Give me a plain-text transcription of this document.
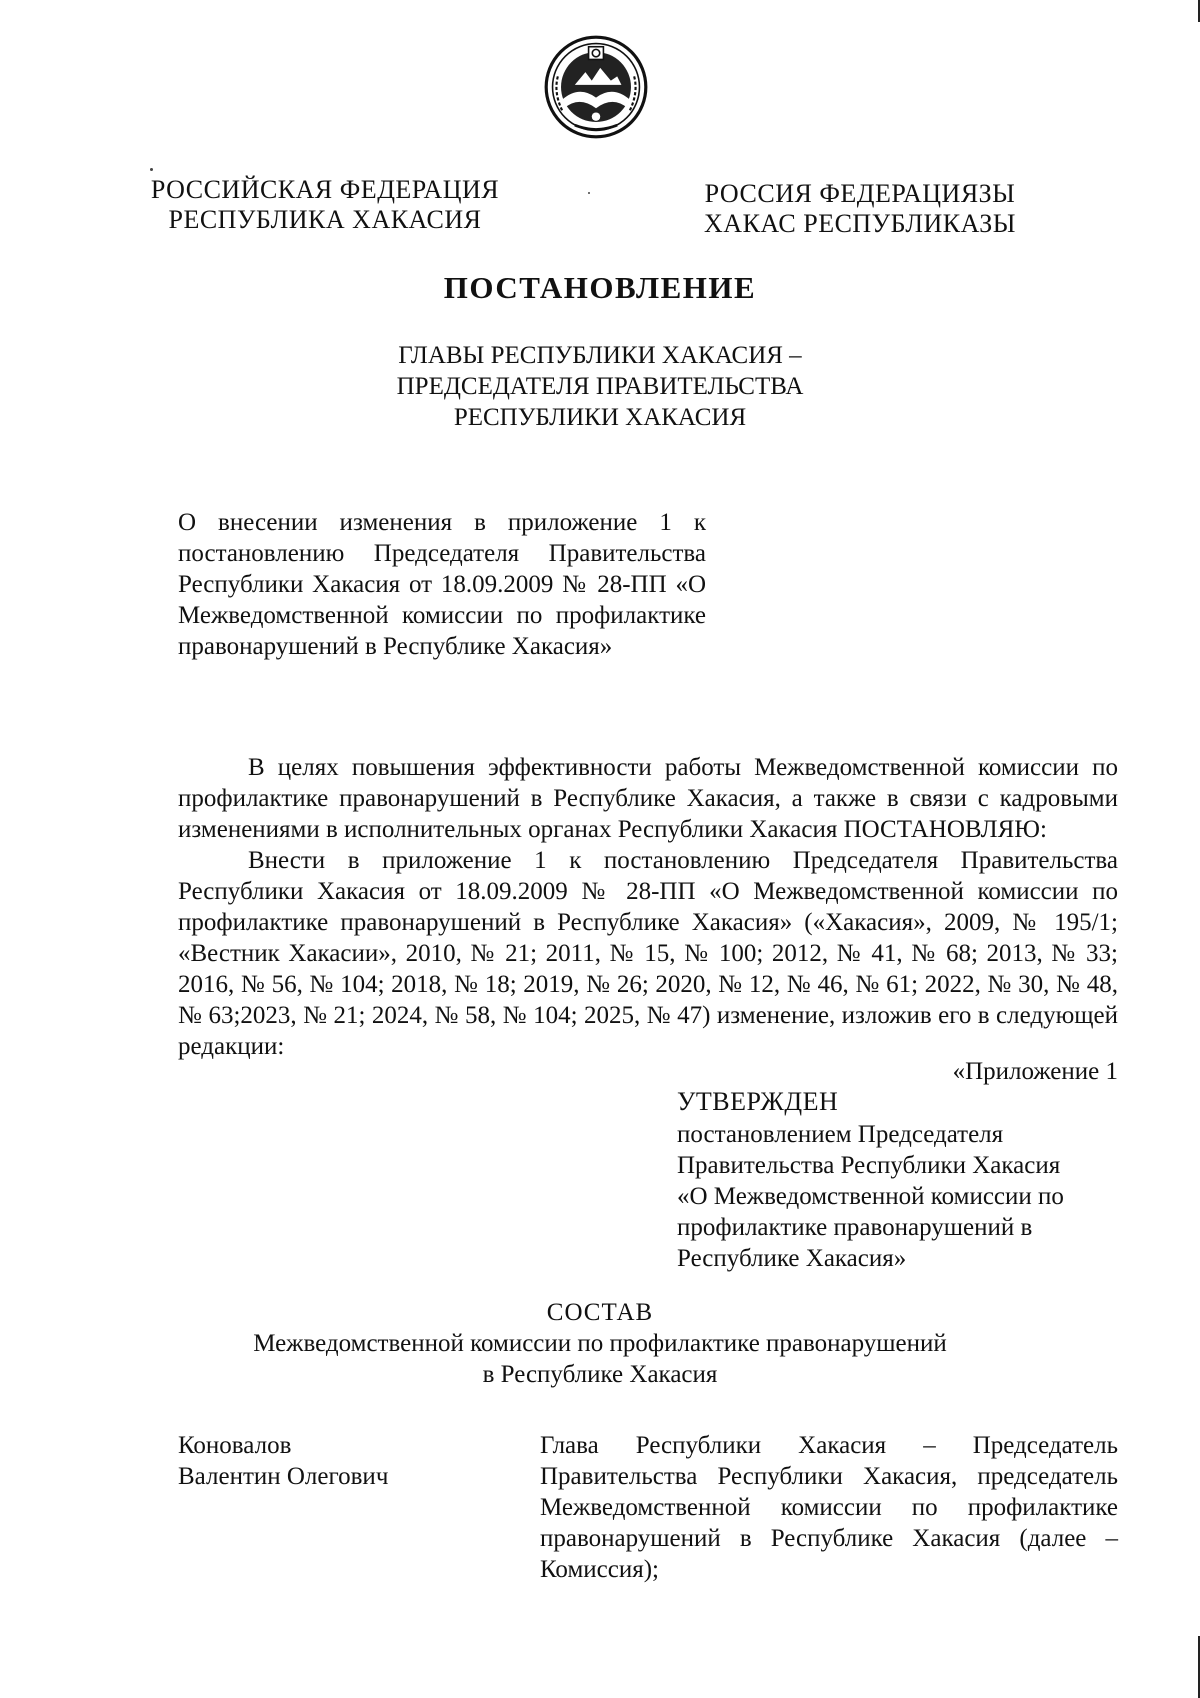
РОССИЙСКАЯ ФЕДЕРАЦИЯ
РЕСПУБЛИКА ХАКАСИЯ
РОССИЯ ФЕДЕРАЦИЯЗЫ
ХАКАС РЕСПУБЛИКАЗЫ
ПОСТАНОВЛЕНИЕ
ГЛАВЫ РЕСПУБЛИКИ ХАКАСИЯ –
ПРЕДСЕДАТЕЛЯ ПРАВИТЕЛЬСТВА
РЕСПУБЛИКИ ХАКАСИЯ
О внесении изменения в приложение 1 к постановлению Председателя Правительства Республики Хакасия от 18.09.2009 № 28-ПП «О Межведомственной комиссии по профилактике правонарушений в Республике Хакасия»

В целях повышения эффективности работы Межведомственной комиссии по профилактике правонарушений в Республике Хакасия, а также в связи с кадровыми изменениями в исполнительных органах Республики Хакасия ПОСТАНОВЛЯЮ:

Внести в приложение 1 к постановлению Председателя Правительства Республики Хакасия от 18.09.2009 № 28-ПП «О Межведомственной комиссии по профилактике правонарушений в Республике Хакасия» («Хакасия», 2009, № 195/1; «Вестник Хакасии», 2010, № 21; 2011, № 15, № 100; 2012, № 41, № 68; 2013, № 33; 2016, № 56, № 104; 2018, № 18; 2019, № 26; 2020, № 12, № 46, № 61; 2022, № 30, № 48, № 63;2023, № 21; 2024, № 58, № 104; 2025, № 47) изменение, изложив его в следующей редакции:

«Приложение 1
УТВЕРЖДЕН
постановлением Председателя
Правительства Республики Хакасия
«О Межведомственной комиссии по
профилактике правонарушений в
Республике Хакасия»
СОСТАВ
Межведомственной комиссии по профилактике правонарушений
в Республике Хакасия
Коновалов
Валентин Олегович
Глава Республики Хакасия – Председатель Правительства Республики Хакасия, председатель Межведомственной комиссии по профилактике правонарушений в Республике Хакасия (далее – Комиссия);
